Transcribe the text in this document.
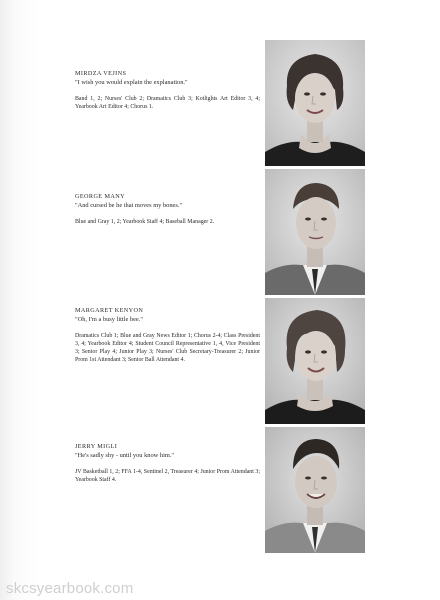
MIRDZA VEJINS
"I wish you would explain the explanation."
Band 1, 2; Nurses' Club 2; Dramatics Club 3; Kotlights Art Editor 3, 4; Yearbook Art Editor 4; Chorus 1.
GEORGE MANY
"And cursed be he that moves my bones."
Blue and Gray 1, 2; Yearbook Staff 4; Baseball Manager 2.
MARGARET KENYON
"Oh, I'm a busy little bee."
Dramatics Club 1; Blue and Gray News Editor 1; Chorus 2-4; Class President 3, 4; Yearbook Editor 4; Student Council Representative 1, 4, Vice President 3; Senior Play 4; Junior Play 3; Nurses' Club Secretary-Treasurer 2; Junior Prom 1st Attendant 3; Senior Ball Attendant 4.
JERRY MIGLI
"He's sadly shy - until you know him."
JV Basketball 1, 2; FFA 1-4, Sentinel 2, Treasurer 4; Junior Prom Attendant 3; Yearbook Staff 4.
skcsyearbook.com
